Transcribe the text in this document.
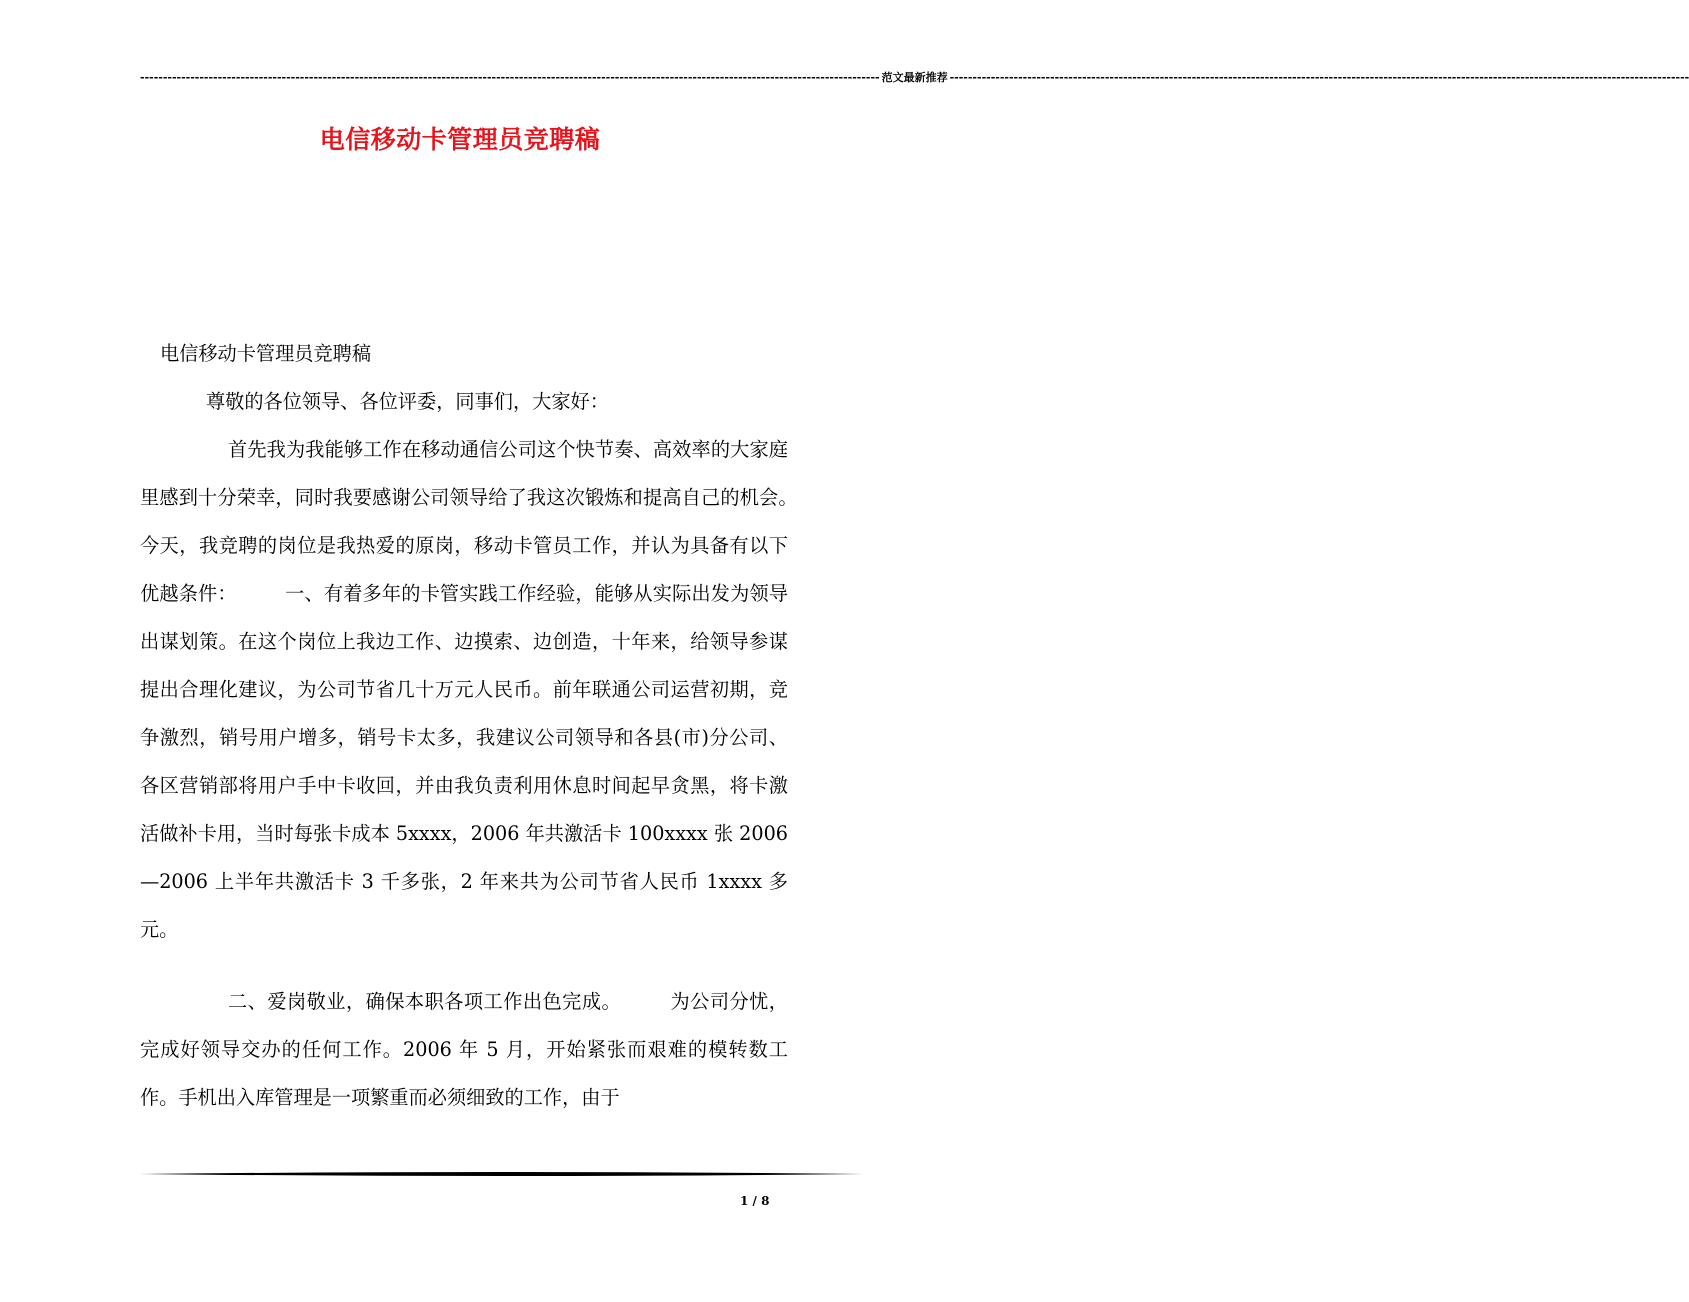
------------------------------------------------------------------------------------------------------------------------------------------------------------------ 范文最新推荐 ------------------------------------------------------------------------------------------------------------------------------------------------------------------
电信移动卡管理员竞聘稿

电信移动卡管理员竞聘稿

尊敬的各位领导、各位评委，同事们，大家好：

首先我为我能够工作在移动通信公司这个快节奏、高效率的大家庭里感到十分荣幸，同时我要感谢公司领导给了我这次锻炼和提高自己的机会。　　　今天，我竞聘的岗位是我热爱的原岗，移动卡管员工作，并认为具备有以下优越条件：　　　一、有着多年的卡管实践工作经验，能够从实际出发为领导出谋划策。在这个岗位上我边工作、边摸索、边创造，十年来，给领导参谋提出合理化建议，为公司节省几十万元人民币。前年联通公司运营初期，竞争激烈，销号用户增多，销号卡太多，我建议公司领导和各县(市)分公司、各区营销部将用户手中卡收回，并由我负责利用休息时间起早贪黑，将卡激活做补卡用，当时每张卡成本 5xxxx，2006 年共激活卡 100xxxx 张 2006—2006 上半年共激活卡 3 千多张，2 年来共为公司节省人民币 1xxxx 多元。

二、爱岗敬业，确保本职各项工作出色完成。　　　为公司分忧，完成好领导交办的任何工作。2006 年 5 月，开始紧张而艰难的模转数工作。手机出入库管理是一项繁重而必须细致的工作，由于

1 / 8
